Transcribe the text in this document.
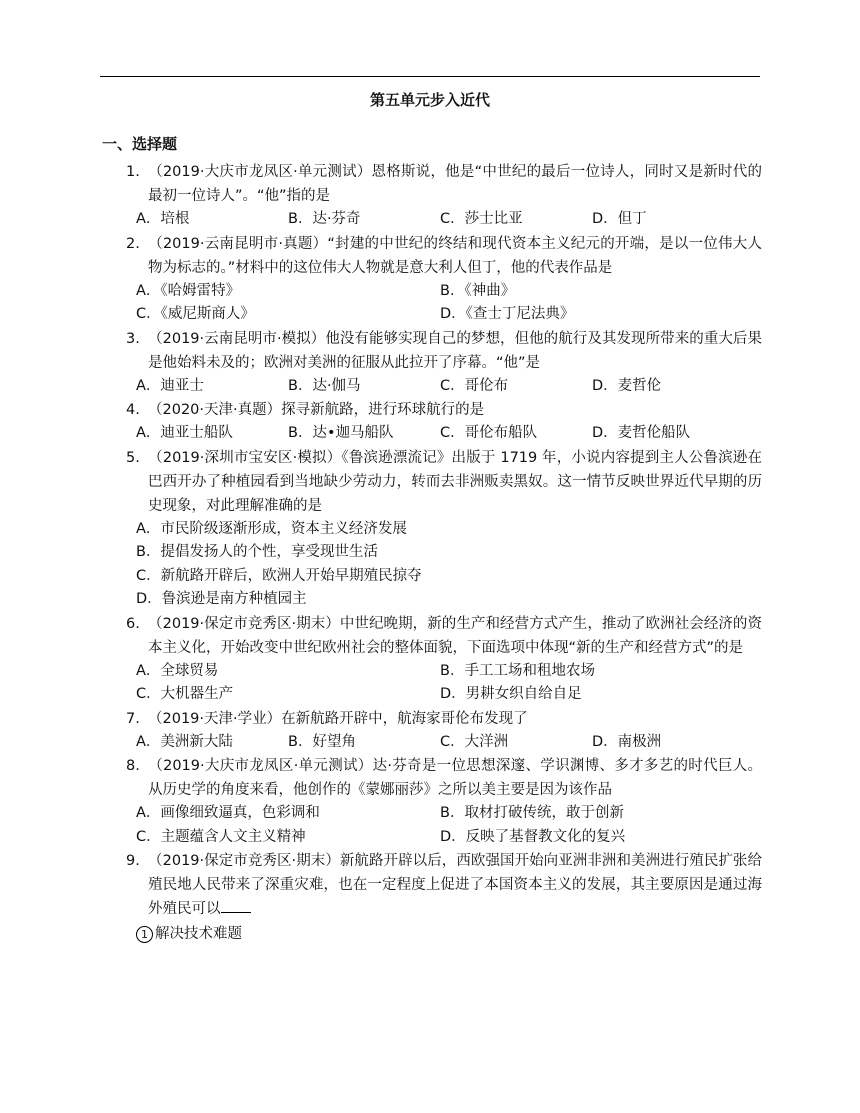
第五单元步入近代
一、选择题
1. （2019·大庆市龙凤区·单元测试）恩格斯说，他是“中世纪的最后一位诗人，同时又是新时代的最初一位诗人”。“他”指的是
A．培根	B．达·芬奇	C．莎士比亚	D．但丁
2. （2019·云南昆明市·真题）“封建的中世纪的终结和现代资本主义纪元的开端，是以一位伟大人物为标志的。”材料中的这位伟大人物就是意大利人但丁，他的代表作品是
A．《哈姆雷特》	B．《神曲》
C．《威尼斯商人》	D．《查士丁尼法典》
3. （2019·云南昆明市·模拟）他没有能够实现自己的梦想，但他的航行及其发现所带来的重大后果是他始料未及的；欧洲对美洲的征服从此拉开了序幕。“他”是
A．迪亚士	B．达·伽马	C．哥伦布	D．麦哲伦
4. （2020·天津·真题）探寻新航路，进行环球航行的是
A．迪亚士船队	B．达•迦马船队	C．哥伦布船队	D．麦哲伦船队
5. （2019·深圳市宝安区·模拟）《鲁滨逊漂流记》出版于 1719 年，小说内容提到主人公鲁滨逊在巴西开办了种植园看到当地缺少劳动力，转而去非洲贩卖黑奴。这一情节反映世界近代早期的历史现象，对此理解准确的是
A．市民阶级逐渐形成，资本主义经济发展
B．提倡发扬人的个性，享受现世生活
C．新航路开辟后，欧洲人开始早期殖民掠夺
D．鲁滨逊是南方种植园主
6. （2019·保定市竞秀区·期末）中世纪晚期，新的生产和经营方式产生，推动了欧洲社会经济的资本主义化，开始改变中世纪欧州社会的整体面貌，下面选项中体现“新的生产和经营方式”的是
A．全球贸易	B．手工工场和租地农场
C．大机器生产	D．男耕女织自给自足
7. （2019·天津·学业）在新航路开辟中，航海家哥伦布发现了
A．美洲新大陆	B．好望角	C．大洋洲	D．南极洲
8. （2019·大庆市龙凤区·单元测试）达·芬奇是一位思想深邃、学识渊博、多才多艺的时代巨人。从历史学的角度来看，他创作的《蒙娜丽莎》之所以美主要是因为该作品
A．画像细致逼真，色彩调和	B．取材打破传统，敢于创新
C．主题蕴含人文主义精神	D．反映了基督教文化的复兴
9. （2019·保定市竞秀区·期末）新航路开辟以后，西欧强国开始向亚洲非洲和美洲进行殖民扩张给殖民地人民带来了深重灾难，也在一定程度上促进了本国资本主义的发展，其主要原因是通过海外殖民可以
1 解决技术难题
